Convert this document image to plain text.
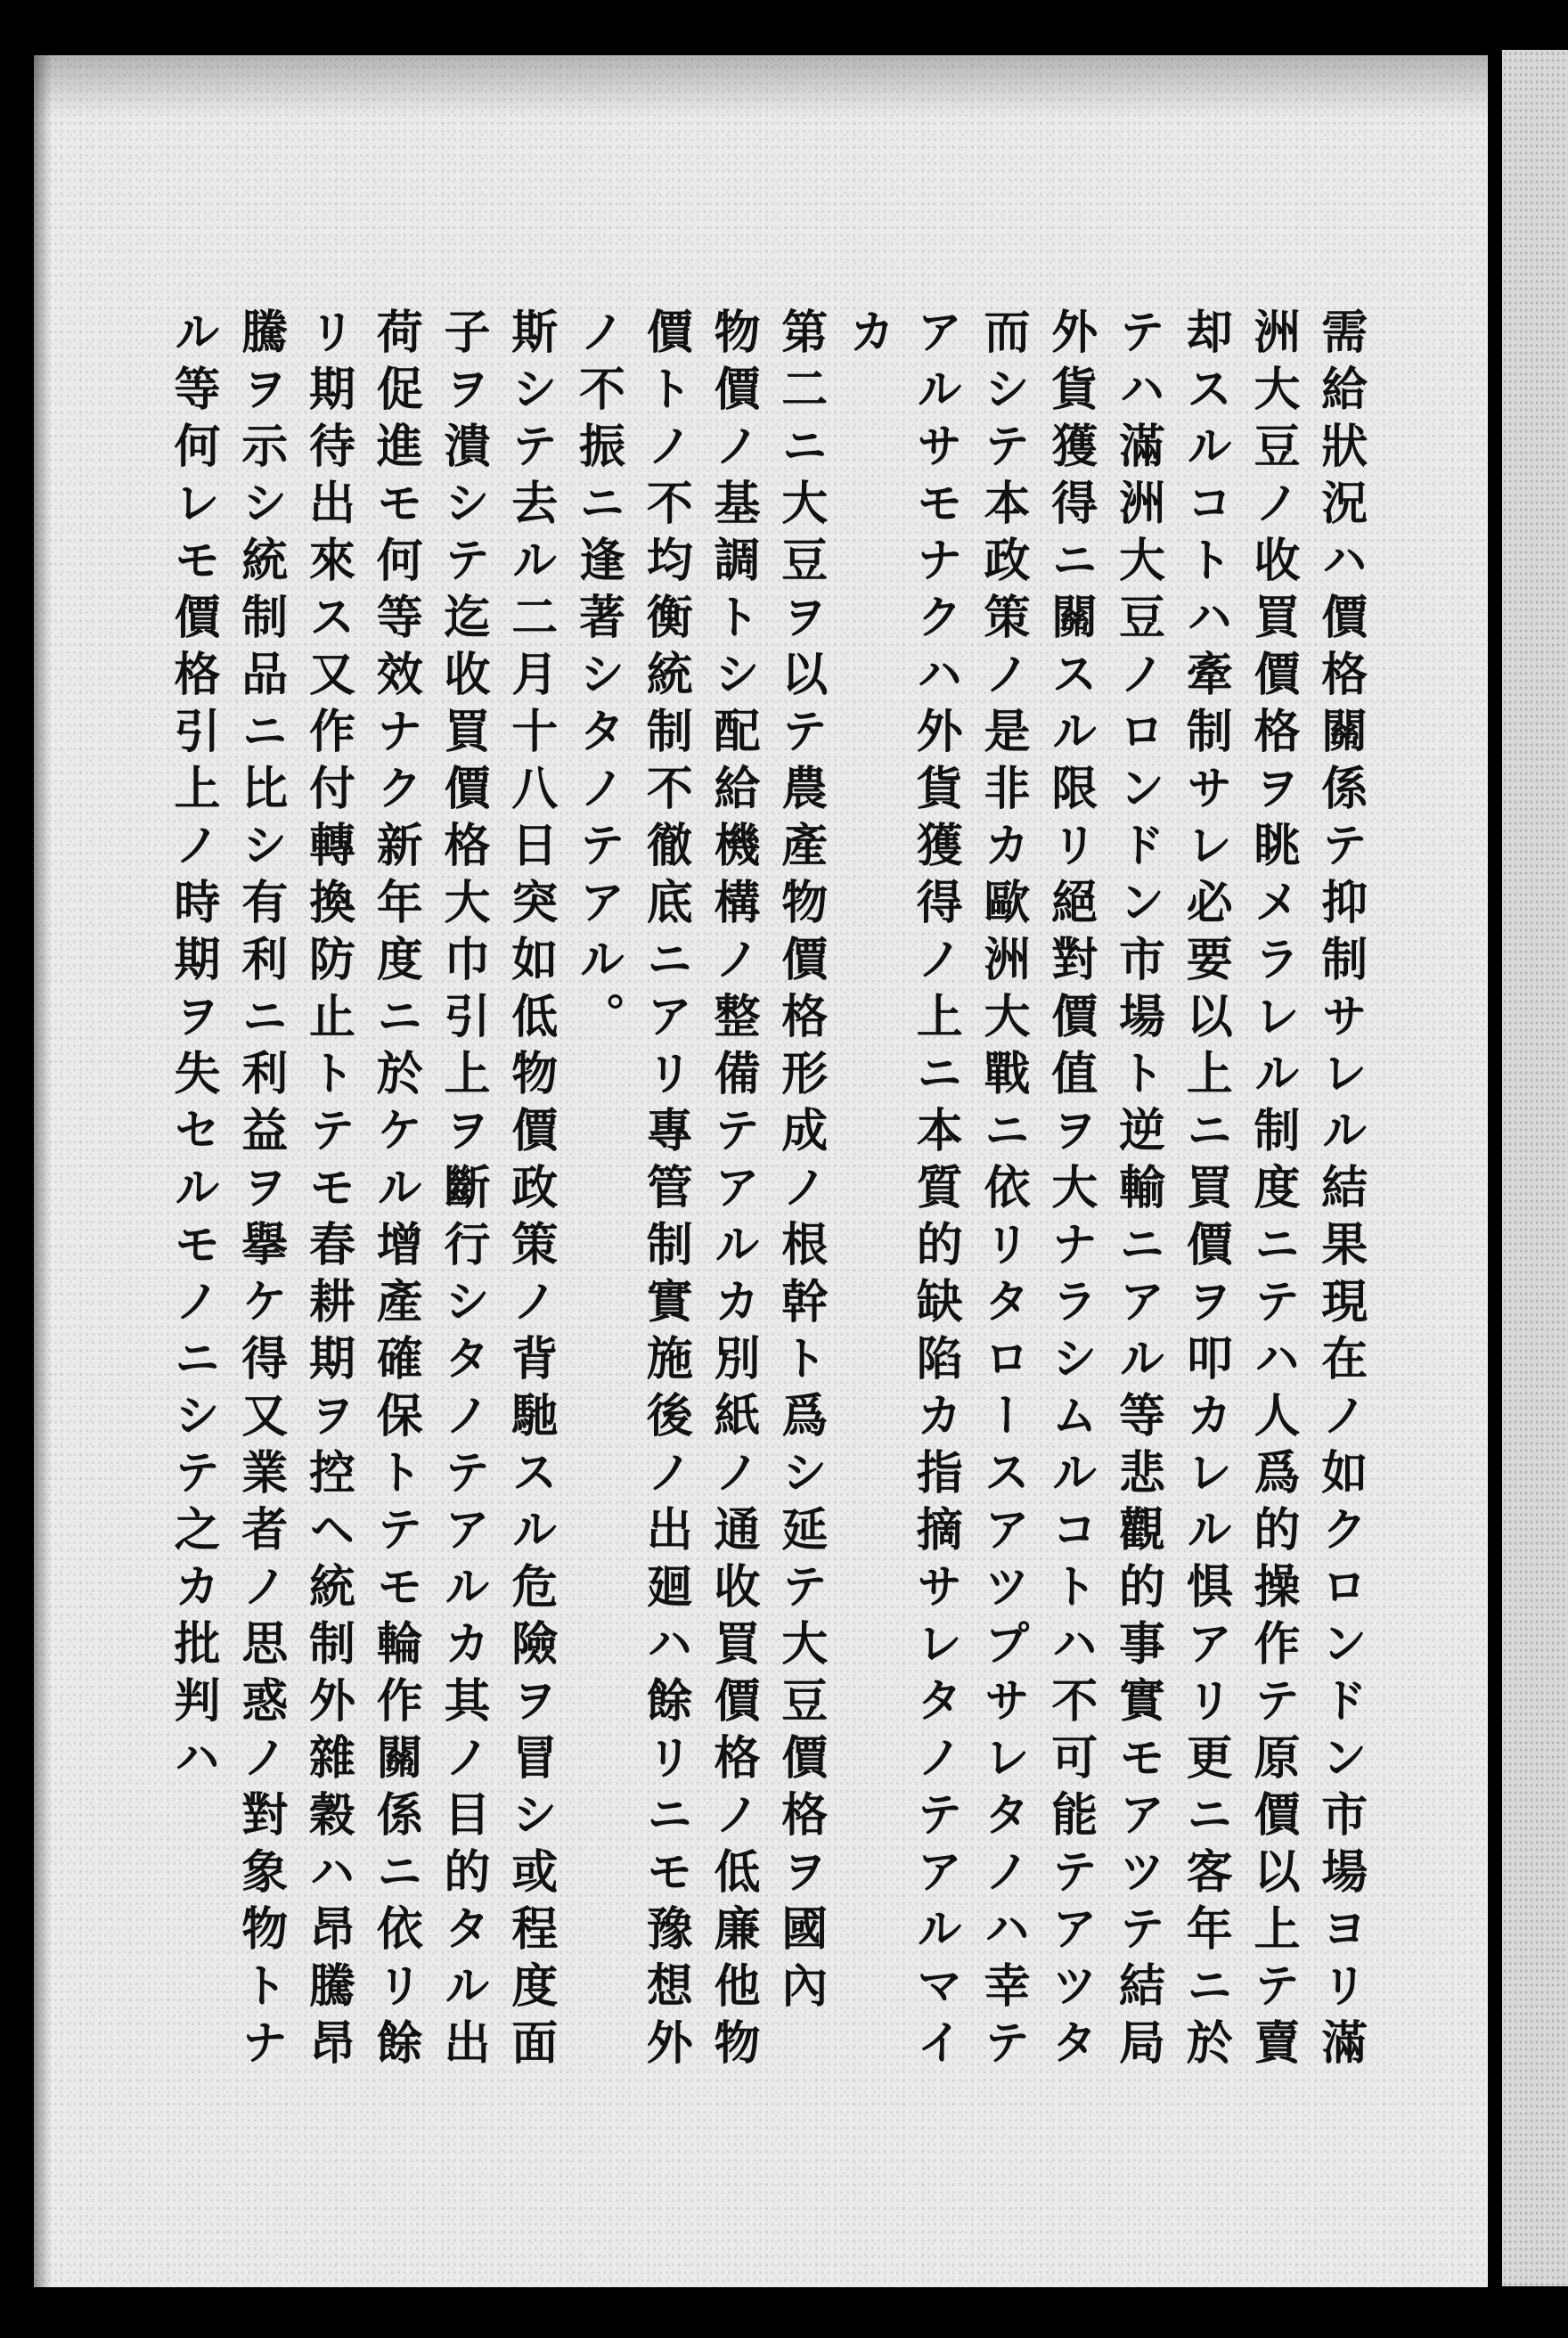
需給狀況ハ價格關係テ抑制サレル結果現在ノ如クロンドン市場ヨリ滿
洲大豆ノ收買價格ヲ眺メラレル制度ニテハ人爲的操作テ原價以上テ賣
却スルコトハ牽制サレ必要以上ニ買價ヲ叩カレル惧アリ更ニ客年ニ於
テハ滿洲大豆ノロンドン市場ト逆輸ニアル等悲觀的事實モアツテ結局
外貨獲得ニ關スル限リ絕對價值ヲ大ナラシムルコトハ不可能テアツタ
而シテ本政策ノ是非カ歐洲大戰ニ依リタロースアツプサレタノハ幸テ
アルサモナクハ外貨獲得ノ上ニ本質的缺陷カ指摘サレタノテアルマイ
カ
第二ニ大豆ヲ以テ農產物價格形成ノ根幹ト爲シ延テ大豆價格ヲ國內
物價ノ基調トシ配給機構ノ整備テアルカ別紙ノ通收買價格ノ低廉他物
價トノ不均衡統制不徹底ニアリ專管制實施後ノ出廻ハ餘リニモ豫想外
ノ不振ニ逢著シタノテアル。
斯シテ去ル二月十八日突如低物價政策ノ背馳スル危險ヲ冒シ或程度面
子ヲ潰シテ迄收買價格大巾引上ヲ斷行シタノテアルカ其ノ目的タル出
荷促進モ何等效ナク新年度ニ於ケル增產確保トテモ輪作關係ニ依リ餘
リ期待出來ス又作付轉換防止トテモ春耕期ヲ控ヘ統制外雜穀ハ昂騰昂
騰ヲ示シ統制品ニ比シ有利ニ利益ヲ擧ケ得又業者ノ思惑ノ對象物トナ
ル等何レモ價格引上ノ時期ヲ失セルモノニシテ之カ批判ハ
